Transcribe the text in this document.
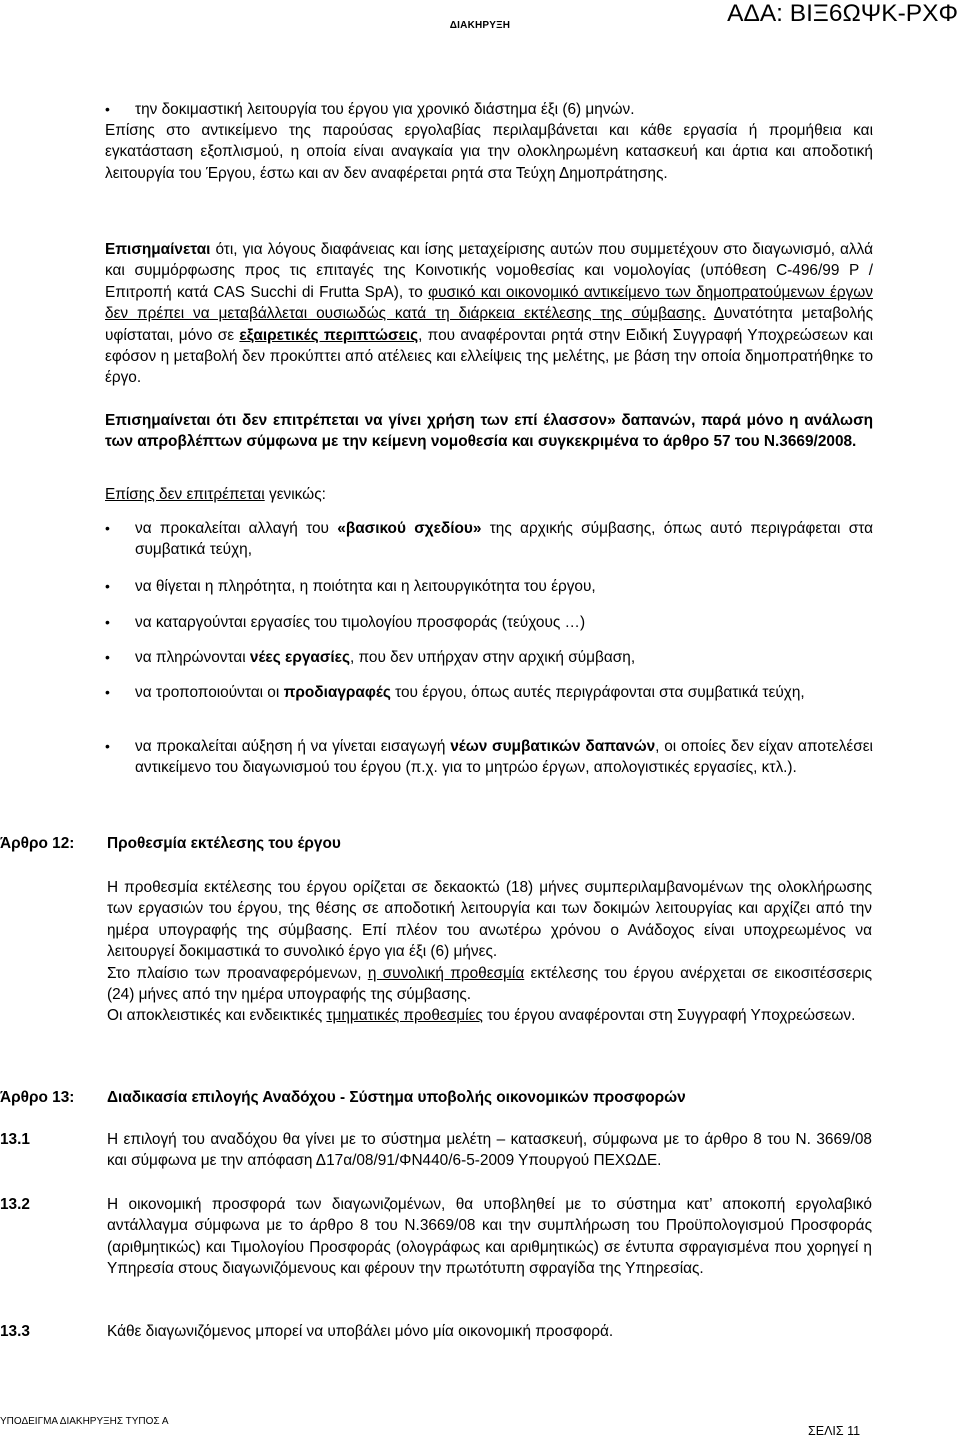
ΔΙΑΚΗΡΥΞΗ	ΑΔΑ: ΒΙΞ6ΩΨΚ-ΡΧΦ
• την δοκιμαστική λειτουργία του έργου για χρονικό διάστημα έξι (6) μηνών.
Επίσης στο αντικείμενο της παρούσας εργολαβίας περιλαμβάνεται και κάθε εργασία ή προμήθεια και εγκατάσταση εξοπλισμού, η οποία είναι αναγκαία για την ολοκληρωμένη κατασκευή και άρτια και αποδοτική λειτουργία του Έργου, έστω και αν δεν αναφέρεται ρητά στα Τεύχη Δημοπράτησης.
Επισημαίνεται ότι, για λόγους διαφάνειας και ίσης μεταχείρισης αυτών που συμμετέχουν στο διαγωνισμό, αλλά και συμμόρφωσης προς τις επιταγές της Κοινοτικής νομοθεσίας και νομολογίας (υπόθεση C-496/99 P / Επιτροπή κατά CAS Succhi di Frutta SpA), το φυσικό και οικονομικό αντικείμενο των δημοπρατούμενων έργων δεν πρέπει να μεταβάλλεται ουσιωδώς κατά τη διάρκεια εκτέλεσης της σύμβασης. Δυνατότητα μεταβολής υφίσταται, μόνο σε εξαιρετικές περιπτώσεις, που αναφέρονται ρητά στην Ειδική Συγγραφή Υποχρεώσεων και εφόσον η μεταβολή δεν προκύπτει από ατέλειες και ελλείψεις της μελέτης, με βάση την οποία δημοπρατήθηκε το έργο.
Επισημαίνεται ότι δεν επιτρέπεται να γίνει χρήση των επί έλασσον» δαπανών, παρά μόνο η ανάλωση των απροβλέπτων σύμφωνα με την κείμενη νομοθεσία και συγκεκριμένα το άρθρο 57 του Ν.3669/2008.
Επίσης δεν επιτρέπεται γενικώς:
• να προκαλείται αλλαγή του «βασικού σχεδίου» της αρχικής σύμβασης, όπως αυτό περιγράφεται στα συμβατικά τεύχη,
• να θίγεται η πληρότητα, η ποιότητα και η λειτουργικότητα του έργου,
• να καταργούνται εργασίες του τιμολογίου προσφοράς (τεύχους …)
• να πληρώνονται νέες εργασίες, που δεν υπήρχαν στην αρχική σύμβαση,
• να τροποποιούνται οι προδιαγραφές του έργου, όπως αυτές περιγράφονται στα συμβατικά τεύχη,
• να προκαλείται αύξηση ή να γίνεται εισαγωγή νέων συμβατικών δαπανών, οι οποίες δεν είχαν αποτελέσει αντικείμενο του διαγωνισμού του έργου (π.χ. για το μητρώο έργων, απολογιστικές εργασίες, κτλ.).
Άρθρο 12: Προθεσμία εκτέλεσης του έργου
Η προθεσμία εκτέλεσης του έργου ορίζεται σε δεκαοκτώ (18) μήνες συμπεριλαμβανομένων της ολοκλήρωσης των εργασιών του έργου, της θέσης σε αποδοτική λειτουργία και των δοκιμών λειτουργίας και αρχίζει από την ημέρα υπογραφής της σύμβασης. Επί πλέον του ανωτέρω χρόνου ο Ανάδοχος είναι υποχρεωμένος να λειτουργεί δοκιμαστικά το συνολικό έργο για έξι (6) μήνες.
Στο πλαίσιο των προαναφερόμενων, η συνολική προθεσμία εκτέλεσης του έργου ανέρχεται σε εικοσιτέσσερις (24) μήνες από την ημέρα υπογραφής της σύμβασης.
Οι αποκλειστικές και ενδεικτικές τμηματικές προθεσμίες του έργου αναφέρονται στη Συγγραφή Υποχρεώσεων.
Άρθρο 13: Διαδικασία επιλογής Αναδόχου - Σύστημα υποβολής οικονομικών προσφορών
13.1	Η επιλογή του αναδόχου θα γίνει με το σύστημα μελέτη – κατασκευή, σύμφωνα με το άρθρο 8 του Ν. 3669/08 και σύμφωνα με την απόφαση Δ17α/08/91/ΦΝ440/6-5-2009 Υπουργού ΠΕΧΩΔΕ.
13.2	Η οικονομική προσφορά των διαγωνιζομένων, θα υποβληθεί με το σύστημα κατ’ αποκοπή εργολαβικό αντάλλαγμα σύμφωνα με το άρθρο 8 του Ν.3669/08 και την συμπλήρωση του Προϋπολογισμού Προσφοράς (αριθμητικώς) και Τιμολογίου Προσφοράς (ολογράφως και αριθμητικώς) σε έντυπα σφραγισμένα που χορηγεί η Υπηρεσία στους διαγωνιζόμενους και φέρουν την πρωτότυπη σφραγίδα της Υπηρεσίας.
13.3	Κάθε διαγωνιζόμενος μπορεί να υποβάλει μόνο μία οικονομική προσφορά.
ΥΠΟΔΕΙΓΜΑ ΔΙΑΚΗΡΥΞΗΣ ΤΥΠΟΣ Α
ΣΕΛΙΣ 11
